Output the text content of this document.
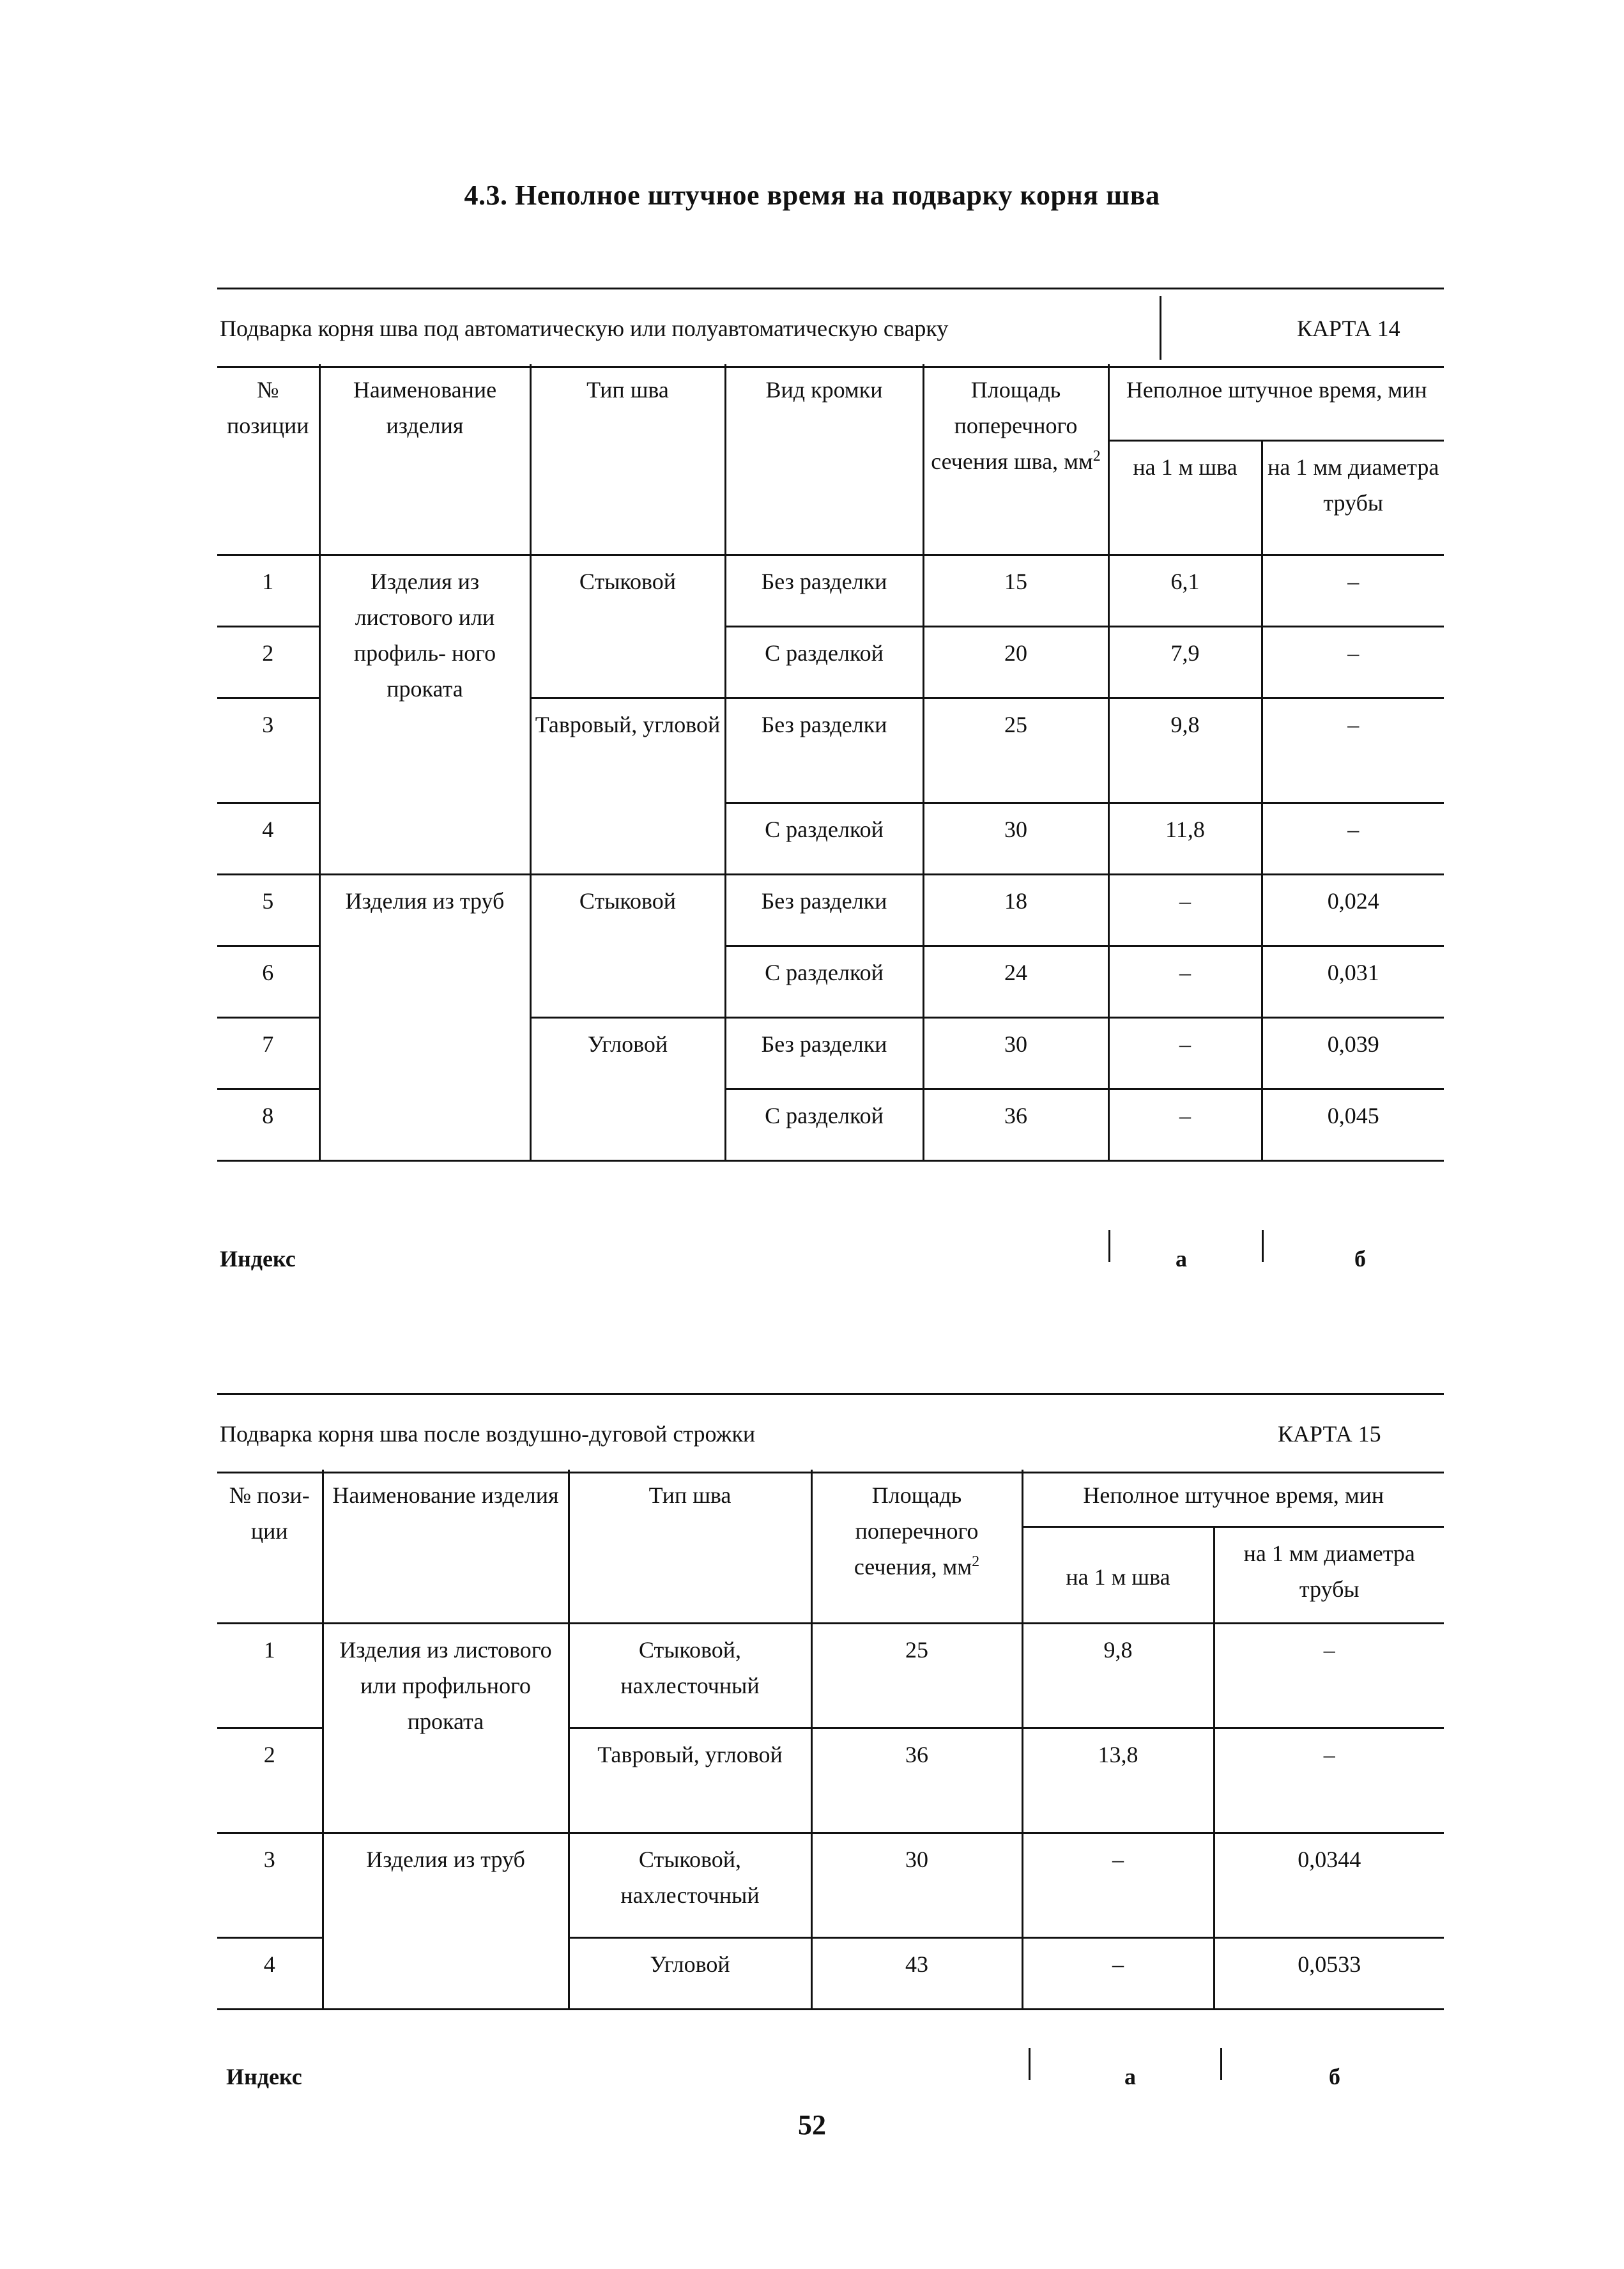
4.3. Неполное штучное время на подварку корня шва
Подварка корня шва под автоматическую или полуавтоматическую сварку	КАРТА 14
№ позиции	Наименование изделия	Тип шва	Вид кромки	Площадь поперечного сечения шва, $мм^2$	Неполное штучное время, мин	
					на 1 м шва	на 1 мм диаметра трубы
1	Изделия из листового или профиль- ного проката	Стыковой	Без разделки	15	6,1	–
2			С разделкой	20	7,9	–
3		Тавровый, угловой	Без разделки	25	9,8	–
4			С разделкой	30	11,8	–
5	Изделия из труб	Стыковой	Без разделки	18	–	0,024
6			С разделкой	24	–	0,031
7		Угловой	Без разделки	30	–	0,039
8			С разделкой	36	–	0,045
Индекс	а	б
Подварка корня шва после воздушно-дуговой строжки	КАРТА 15
№ пози- ции	Наименование изделия	Тип шва	Площадь поперечного сечения, $мм^2$	Неполное штучное время, мин	
				на 1 м шва	на 1 мм диаметра трубы
1	Изделия из листового или профильного проката	Стыковой, нахлесточный	25	9,8	–
2		Тавровый, угловой	36	13,8	–
3	Изделия из труб	Стыковой, нахлесточный	30	–	0,0344
4		Угловой	43	–	0,0533
Индекс	а	б
52
